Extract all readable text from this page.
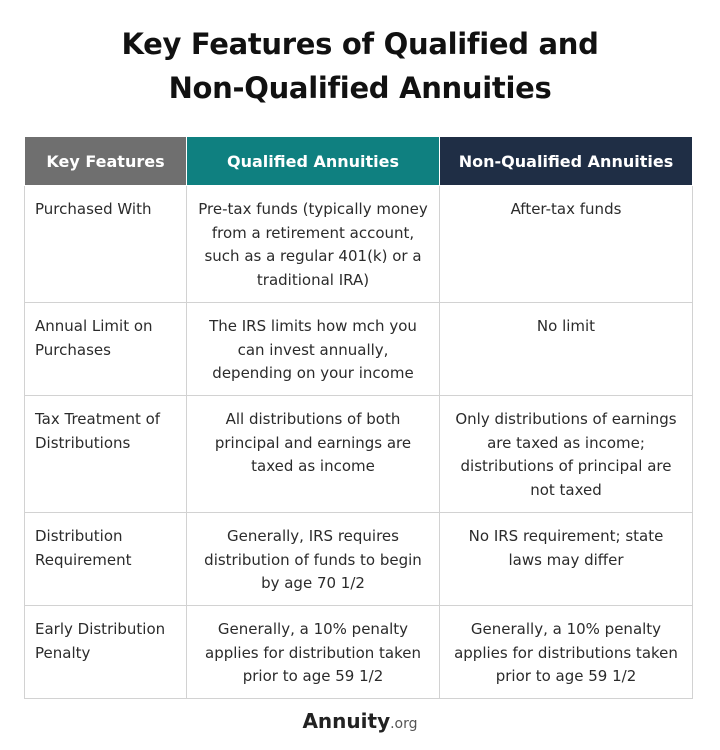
Key Features of Qualified and
Non-Qualified Annuities
Key Features	Qualified Annuities	Non-Qualified Annuities
Purchased With	Pre-tax funds (typically money from a retirement account, such as a regular 401(k) or a traditional IRA)	After-tax funds
Annual Limit on Purchases	The IRS limits how mch you can invest annually, depending on your income	No limit
Tax Treatment of Distributions	All distributions of both principal and earnings are taxed as income	Only distributions of earnings are taxed as income; distributions of principal are not taxed
Distribution Requirement	Generally, IRS requires distribution of funds to begin by age 70 1/2	No IRS requirement; state laws may differ
Early Distribution Penalty	Generally, a 10% penalty applies for distribution taken prior to age 59 1/2	Generally, a 10% penalty applies for distributions taken prior to age 59 1/2
Annuity.org
